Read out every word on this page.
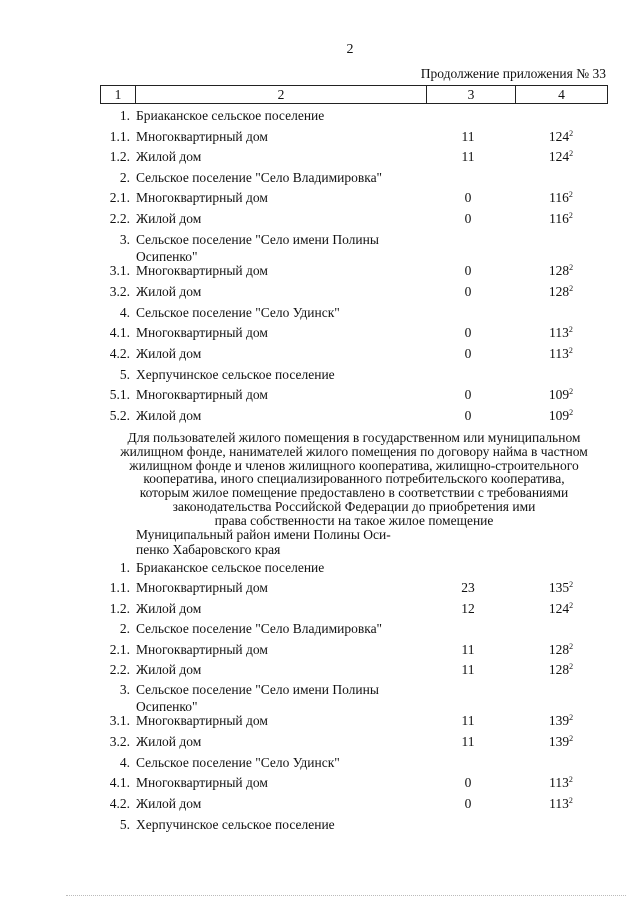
2
Продолжение приложения № 33
1	2	3	4
1. Бриаканское сельское поселение
1.1. Многоквартирный дом	11	$124^2$
1.2. Жилой дом	11	$124^2$
2. Сельское поселение "Село Владимировка"
2.1. Многоквартирный дом	0	$116^2$
2.2. Жилой дом	0	$116^2$
3. Сельское поселение "Село имени Полины
Осипенко"
3.1. Многоквартирный дом	0	$128^2$
3.2. Жилой дом	0	$128^2$
4. Сельское поселение "Село Удинск"
4.1. Многоквартирный дом	0	$113^2$
4.2. Жилой дом	0	$113^2$
5. Херпучинское сельское поселение
5.1. Многоквартирный дом	0	$109^2$
5.2. Жилой дом	0	$109^2$
Для пользователей жилого помещения в государственном или муниципальном
жилищном фонде, нанимателей жилого помещения по договору найма в частном
жилищном фонде и членов жилищного кооператива, жилищно-строительного
кооператива, иного специализированного потребительского кооператива,
которым жилое помещение предоставлено в соответствии с требованиями
законодательства Российской Федерации до приобретения ими
права собственности на такое жилое помещение
Муниципальный район имени Полины Оси-
пенко Хабаровского края
1. Бриаканское сельское поселение
1.1. Многоквартирный дом	23	$135^2$
1.2. Жилой дом	12	$124^2$
2. Сельское поселение "Село Владимировка"
2.1. Многоквартирный дом	11	$128^2$
2.2. Жилой дом	11	$128^2$
3. Сельское поселение "Село имени Полины
Осипенко"
3.1. Многоквартирный дом	11	$139^2$
3.2. Жилой дом	11	$139^2$
4. Сельское поселение "Село Удинск"
4.1. Многоквартирный дом	0	$113^2$
4.2. Жилой дом	0	$113^2$
5. Херпучинское сельское поселение
